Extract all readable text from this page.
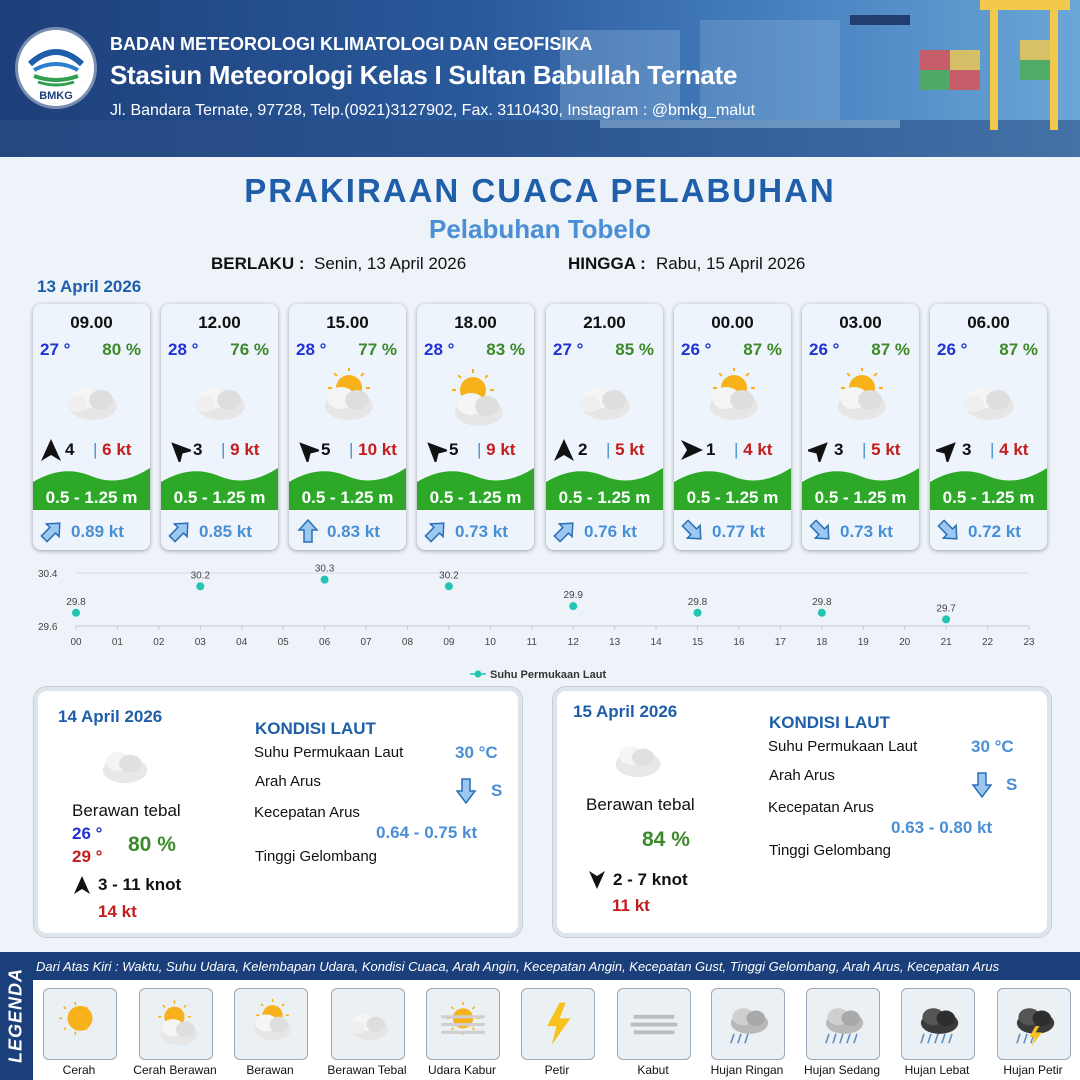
BMKG
BADAN METEOROLOGI KLIMATOLOGI DAN GEOFISIKA
Stasiun Meteorologi Kelas I Sultan Babullah Ternate
Jl. Bandara Ternate, 97728, Telp.(0921)3127902, Fax. 3110430, Instagram : @bmkg_malut
PRAKIRAAN CUACA PELABUHAN
Pelabuhan Tobelo
BERLAKU : Senin, 13 April 2026	HINGGA : Rabu, 15 April 2026
13 April 2026
09.00
27 ° 80 %
4 | 6 kt
0.5 - 1.25 m
0.89 kt
12.00
28 ° 76 %
3 | 9 kt
0.5 - 1.25 m
0.85 kt
15.00
28 ° 77 %
5 | 10 kt
0.5 - 1.25 m
0.83 kt
18.00
28 ° 83 %
5 | 9 kt
0.5 - 1.25 m
0.73 kt
21.00
27 ° 85 %
2 | 5 kt
0.5 - 1.25 m
0.76 kt
00.00
26 ° 87 %
1 | 4 kt
0.5 - 1.25 m
0.77 kt
03.00
26 ° 87 %
3 | 5 kt
0.5 - 1.25 m
0.73 kt
06.00
26 ° 87 %
3 | 4 kt
0.5 - 1.25 m
0.72 kt
00	01	02	03	04	05	06	07	08	09	10	11	12	13	14	15	16	17	18	19	20	21	22	23
30.4
29.6
29.8
30.2
30.3
30.2
29.9
29.8	29.8
29.7
Suhu Permukaan Laut
14 April 2026
Berawan tebal
26 °
29 °
80 %
3 - 11 knot
14 kt
KONDISI LAUT
Suhu Permukaan Laut	30 °C
Arah Arus	S
Kecepatan Arus
0.64 - 0.75 kt
Tinggi Gelombang
15 April 2026
Berawan tebal
84 %
2 - 7 knot
11 kt
KONDISI LAUT
Suhu Permukaan Laut	30 °C
Arah Arus	S
Kecepatan Arus
0.63 - 0.80 kt
Tinggi Gelombang
LEGENDA
Dari Atas Kiri : Waktu, Suhu Udara, Kelembapan Udara, Kondisi Cuaca, Arah Angin, Kecepatan Angin, Kecepatan Gust, Tinggi Gelombang, Arah Arus, Kecepatan Arus
Cerah	Cerah Berawan	Berawan	Berawan Tebal	Udara Kabur	Petir	Kabut	Hujan Ringan	Hujan Sedang	Hujan Lebat	Hujan Petir
